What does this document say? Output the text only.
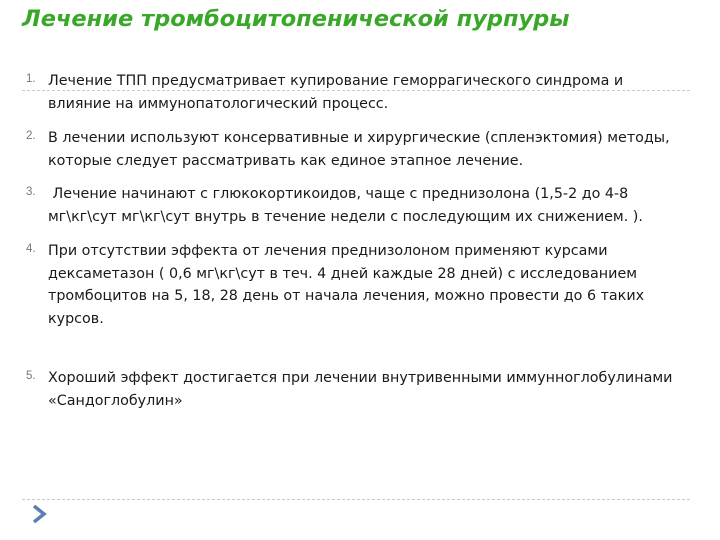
Лечение тромбоцитопенической пурпуры
1. Лечение ТПП предусматривает купирование геморрагического синдрома и
влияние на иммунопатологический процесс.

2. В лечении используют консервативные и хирургические (спленэктомия) методы,
которые следует рассматривать как единое этапное лечение.

3.	Лечение начинают с глюкокортикоидов, чаще с преднизолона (1,5-2 до 4-8
мг\кг\сут мг\кг\сут внутрь в течение недели с последующим их снижением. ).

4. При отсутствии эффекта от лечения преднизолоном применяют курсами
дексаметазон ( 0,6 мг\кг\сут в теч. 4 дней каждые 28 дней) с исследованием
тромбоцитов на 5, 18, 28 день от начала лечения, можно провести до 6 таких
курсов.

5. Хороший эффект достигается при лечении внутривенными иммунноглобулинами
«Сандоглобулин»
